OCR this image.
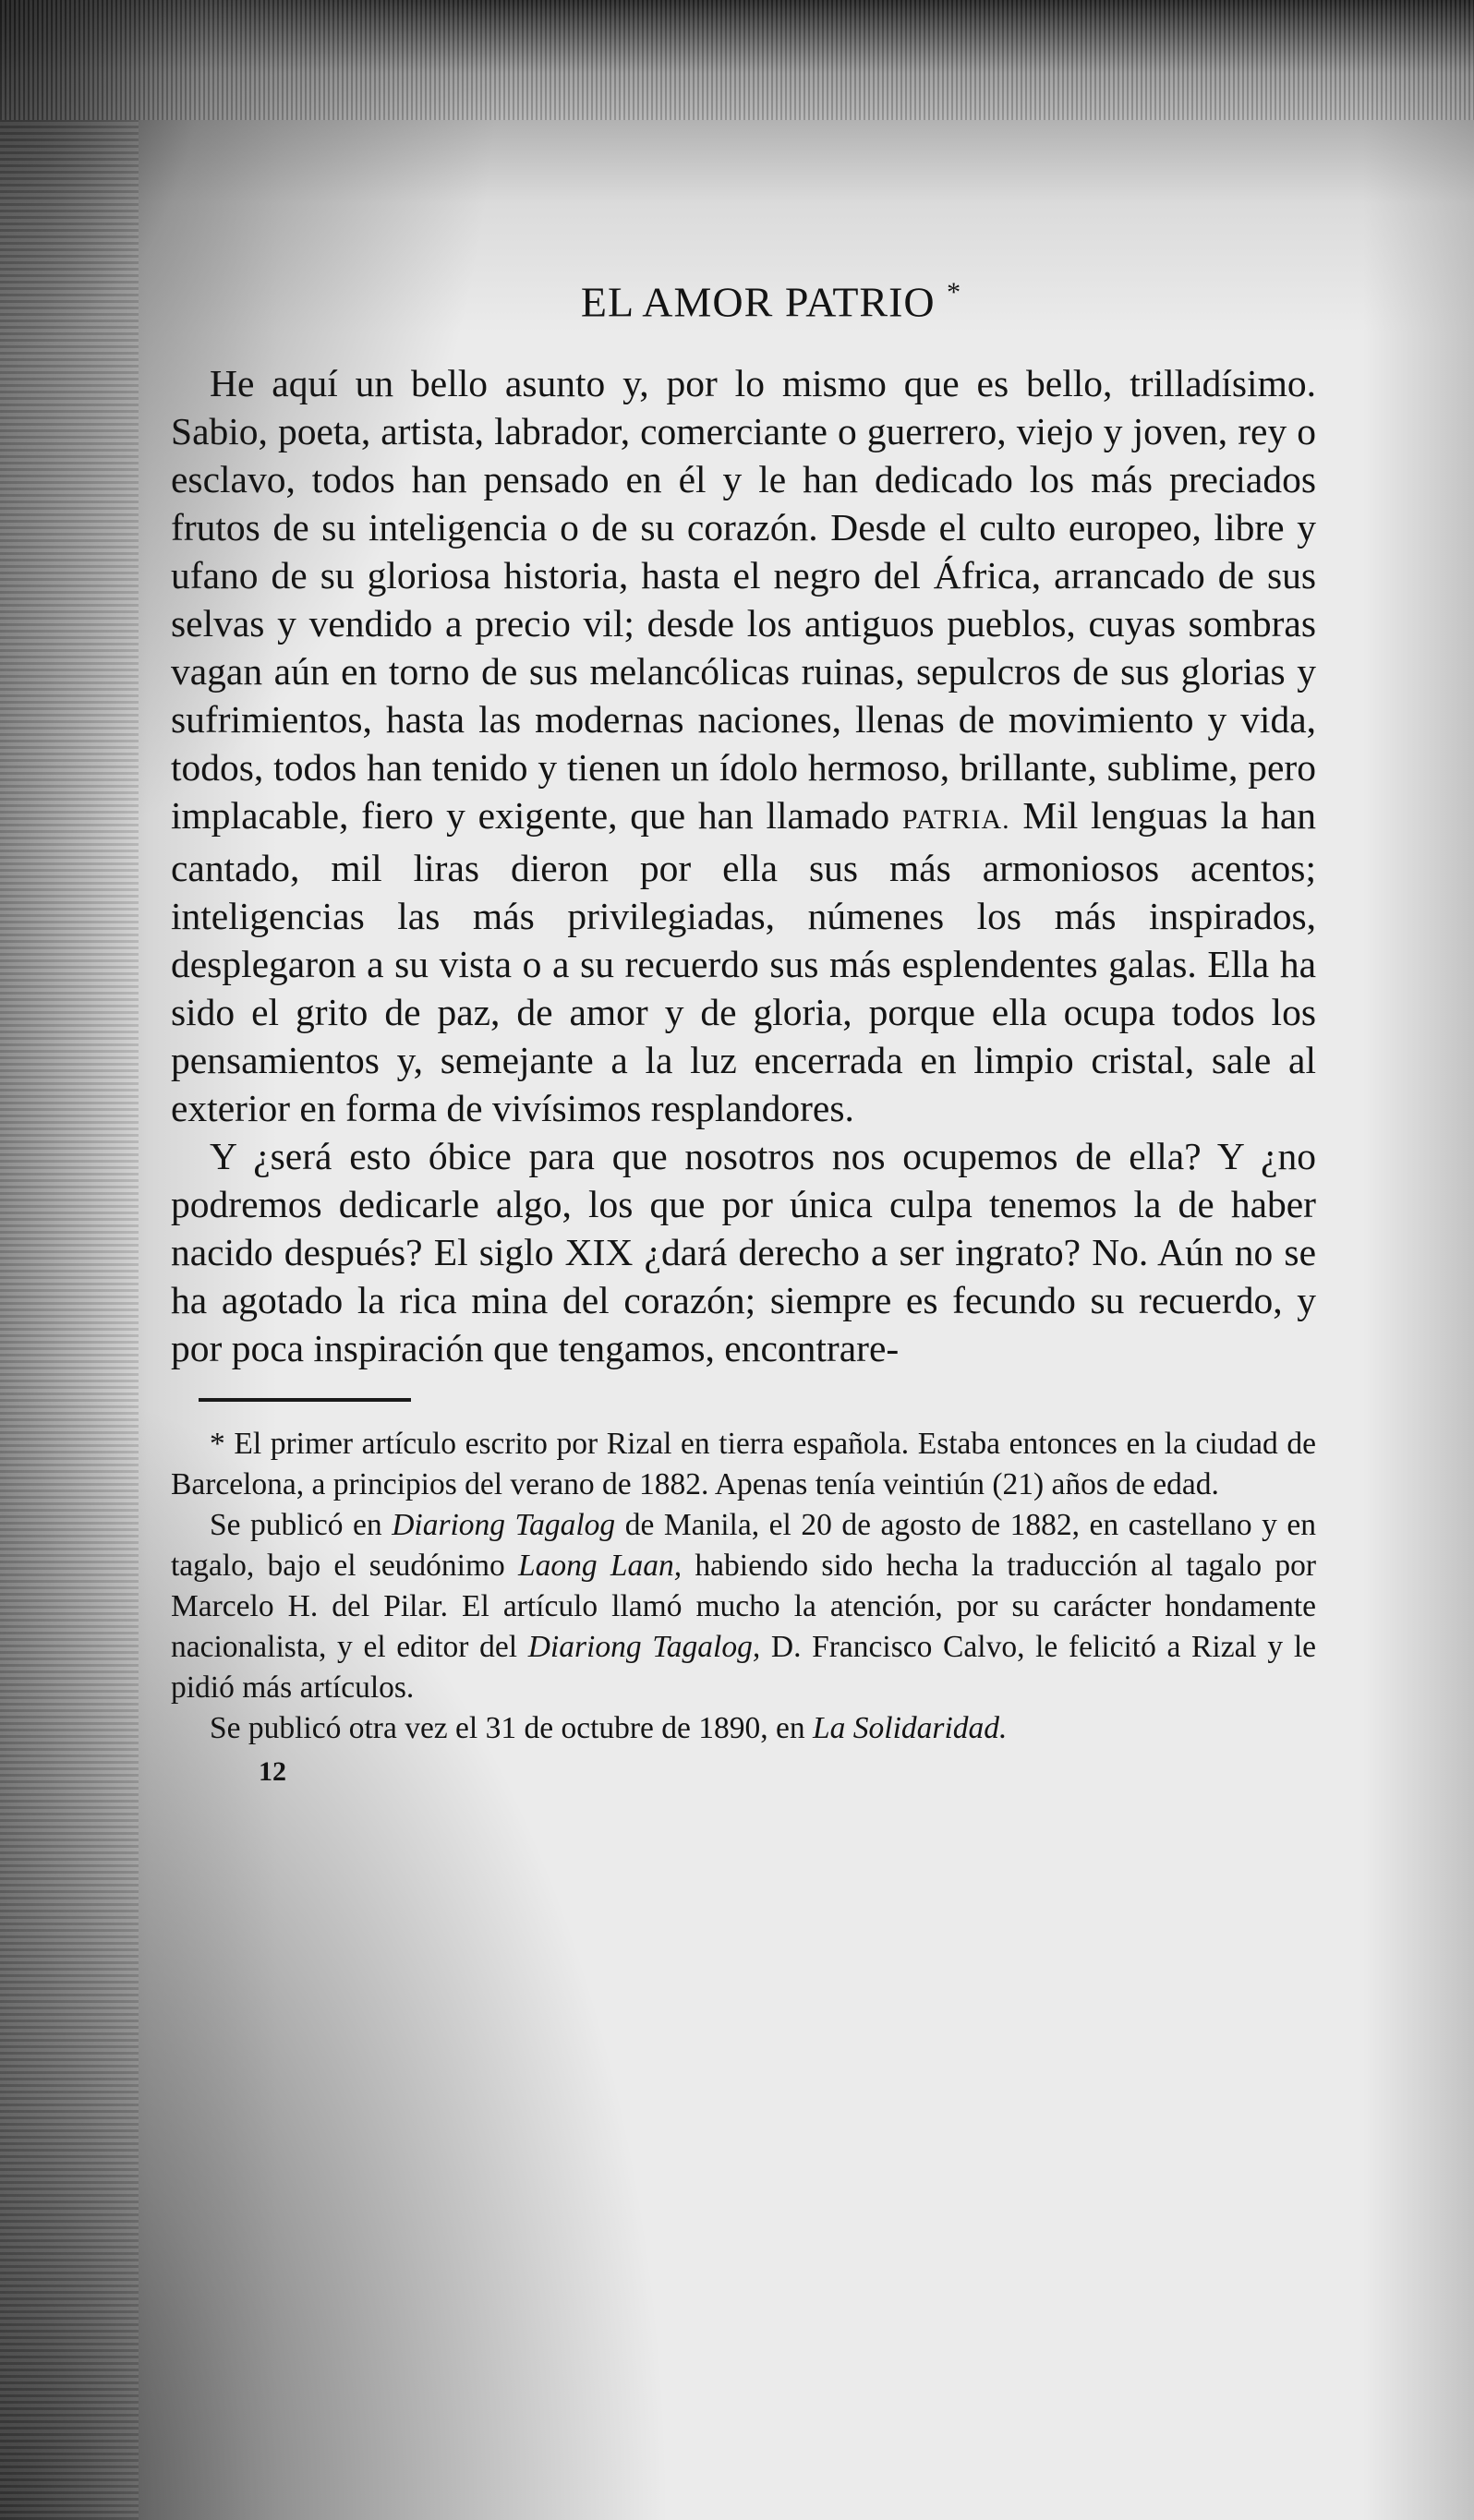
EL AMOR PATRIO *

He aquí un bello asunto y, por lo mismo que es bello, trilladísimo. Sabio, poeta, artista, labrador, comerciante o guerrero, viejo y joven, rey o esclavo, todos han pensado en él y le han dedicado los más preciados frutos de su inteligencia o de su corazón. Desde el culto europeo, libre y ufano de su gloriosa historia, hasta el negro del África, arrancado de sus selvas y vendido a precio vil; desde los antiguos pueblos, cuyas sombras vagan aún en torno de sus melancólicas ruinas, sepulcros de sus glorias y sufrimientos, hasta las modernas naciones, llenas de movimiento y vida, todos, todos han tenido y tienen un ídolo hermoso, brillante, sublime, pero implacable, fiero y exigente, que han llamado PATRIA. Mil lenguas la han cantado, mil liras dieron por ella sus más armoniosos acentos; inteligencias las más privilegiadas, númenes los más inspirados, desplegaron a su vista o a su recuerdo sus más esplendentes galas. Ella ha sido el grito de paz, de amor y de gloria, porque ella ocupa todos los pensamientos y, semejante a la luz encerrada en limpio cristal, sale al exterior en forma de vivísimos resplandores.

Y ¿será esto óbice para que nosotros nos ocupemos de ella? Y ¿no podremos dedicarle algo, los que por única culpa tenemos la de haber nacido después? El siglo XIX ¿dará derecho a ser ingrato? No. Aún no se ha agotado la rica mina del corazón; siempre es fecundo su recuerdo, y por poca inspiración que tengamos, encontrare-

* El primer artículo escrito por Rizal en tierra española. Estaba entonces en la ciudad de Barcelona, a principios del verano de 1882. Apenas tenía veintiún (21) años de edad.

Se publicó en Diariong Tagalog de Manila, el 20 de agosto de 1882, en castellano y en tagalo, bajo el seudónimo Laong Laan, habiendo sido hecha la traducción al tagalo por Marcelo H. del Pilar. El artículo llamó mucho la atención, por su carácter hondamente nacionalista, y el editor del Diariong Tagalog, D. Francisco Calvo, le felicitó a Rizal y le pidió más artículos.

Se publicó otra vez el 31 de octubre de 1890, en La Solidaridad.

12
